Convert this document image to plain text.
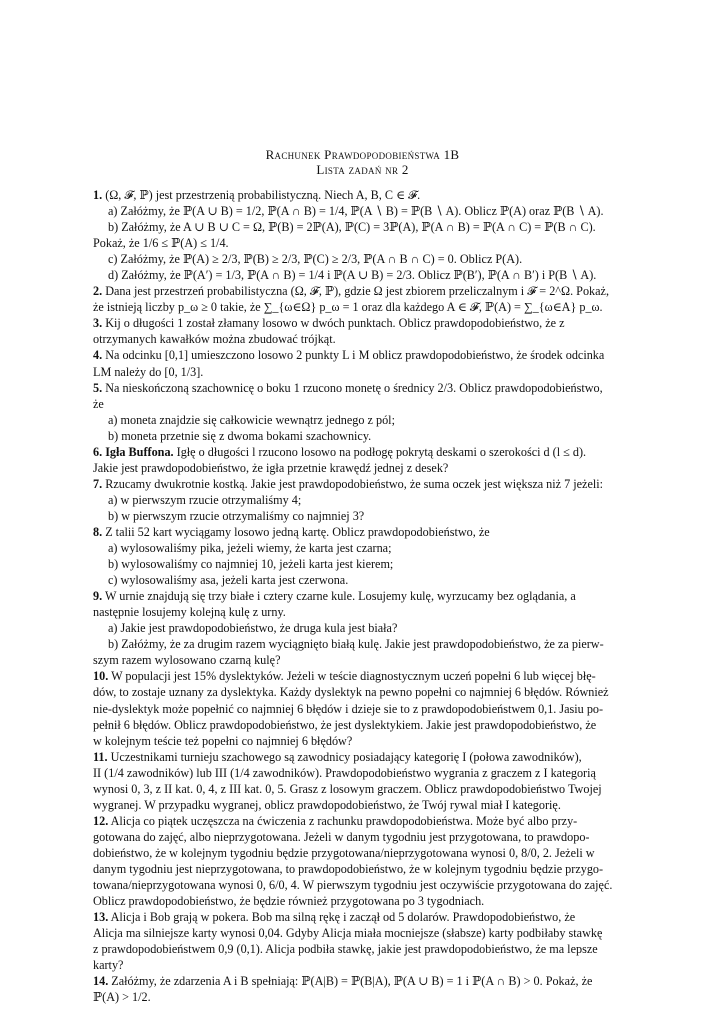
Rachunek Prawdopodobieństwa 1B
Lista zadań nr 2

1. (Ω, 𝓕, ℙ) jest przestrzenią probabilistyczną. Niech A, B, C ∈ 𝓕.

a) Załóżmy, że ℙ(A ∪ B) = 1/2, ℙ(A ∩ B) = 1/4, ℙ(A ∖ B) = ℙ(B ∖ A). Oblicz ℙ(A) oraz ℙ(B ∖ A).

b) Załóżmy, że A ∪ B ∪ C = Ω, ℙ(B) = 2ℙ(A), ℙ(C) = 3ℙ(A), ℙ(A ∩ B) = ℙ(A ∩ C) = ℙ(B ∩ C).

Pokaż, że 1/6 ≤ ℙ(A) ≤ 1/4.

c) Załóżmy, że ℙ(A) ≥ 2/3, ℙ(B) ≥ 2/3, ℙ(C) ≥ 2/3, ℙ(A ∩ B ∩ C) = 0. Oblicz P(A).

d) Załóżmy, że ℙ(A′) = 1/3, ℙ(A ∩ B) = 1/4 i ℙ(A ∪ B) = 2/3. Oblicz ℙ(B′), ℙ(A ∩ B′) i P(B ∖ A).

2. Dana jest przestrzeń probabilistyczna (Ω, 𝓕, ℙ), gdzie Ω jest zbiorem przeliczalnym i 𝓕 = 2^Ω. Pokaż,

że istnieją liczby p_ω ≥ 0 takie, że ∑_{ω∈Ω} p_ω = 1 oraz dla każdego A ∈ 𝓕, ℙ(A) = ∑_{ω∈A} p_ω.

3. Kij o długości 1 został złamany losowo w dwóch punktach. Oblicz prawdopodobieństwo, że z

otrzymanych kawałków można zbudować trójkąt.

4. Na odcinku [0,1] umieszczono losowo 2 punkty L i M oblicz prawdopodobieństwo, że środek odcinka

LM należy do [0, 1/3].

5. Na nieskończoną szachownicę o boku 1 rzucono monetę o średnicy 2/3. Oblicz prawdopodobieństwo,

że

a) moneta znajdzie się całkowicie wewnątrz jednego z pól;

b) moneta przetnie się z dwoma bokami szachownicy.

6. Igła Buffona. Igłę o długości l rzucono losowo na podłogę pokrytą deskami o szerokości d (l ≤ d).

Jakie jest prawdopodobieństwo, że igła przetnie krawędź jednej z desek?

7. Rzucamy dwukrotnie kostką. Jakie jest prawdopodobieństwo, że suma oczek jest większa niż 7 jeżeli:

a) w pierwszym rzucie otrzymaliśmy 4;

b) w pierwszym rzucie otrzymaliśmy co najmniej 3?

8. Z talii 52 kart wyciągamy losowo jedną kartę. Oblicz prawdopodobieństwo, że

a) wylosowaliśmy pika, jeżeli wiemy, że karta jest czarna;

b) wylosowaliśmy co najmniej 10, jeżeli karta jest kierem;

c) wylosowaliśmy asa, jeżeli karta jest czerwona.

9. W urnie znajdują się trzy białe i cztery czarne kule. Losujemy kulę, wyrzucamy bez oglądania, a

następnie losujemy kolejną kulę z urny.

a) Jakie jest prawdopodobieństwo, że druga kula jest biała?

b) Załóżmy, że za drugim razem wyciągnięto białą kulę. Jakie jest prawdopodobieństwo, że za pierw-

szym razem wylosowano czarną kulę?

10. W populacji jest 15% dyslektyków. Jeżeli w teście diagnostycznym uczeń popełni 6 lub więcej błę-

dów, to zostaje uznany za dyslektyka. Każdy dyslektyk na pewno popełni co najmniej 6 błędów. Również

nie-dyslektyk może popełnić co najmniej 6 błędów i dzieje sie to z prawdopodobieństwem 0,1. Jasiu po-

pełnił 6 błędów. Oblicz prawdopodobieństwo, że jest dyslektykiem. Jakie jest prawdopodobieństwo, że

w kolejnym teście też popełni co najmniej 6 błędów?

11. Uczestnikami turnieju szachowego są zawodnicy posiadający kategorię I (połowa zawodników),

II (1/4 zawodników) lub III (1/4 zawodników). Prawdopodobieństwo wygrania z graczem z I kategorią

wynosi 0, 3, z II kat. 0, 4, z III kat. 0, 5. Grasz z losowym graczem. Oblicz prawdopodobieństwo Twojej

wygranej. W przypadku wygranej, oblicz prawdopodobieństwo, że Twój rywal miał I kategorię.

12. Alicja co piątek uczęszcza na ćwiczenia z rachunku prawdopodobieństwa. Może być albo przy-

gotowana do zajęć, albo nieprzygotowana. Jeżeli w danym tygodniu jest przygotowana, to prawdopo-

dobieństwo, że w kolejnym tygodniu będzie przygotowana/nieprzygotowana wynosi 0, 8/0, 2. Jeżeli w

danym tygodniu jest nieprzygotowana, to prawdopodobieństwo, że w kolejnym tygodniu będzie przygo-

towana/nieprzygotowana wynosi 0, 6/0, 4. W pierwszym tygodniu jest oczywiście przygotowana do zajęć.

Oblicz prawdopodobieństwo, że będzie również przygotowana po 3 tygodniach.

13. Alicja i Bob grają w pokera. Bob ma silną rękę i zaczął od 5 dolarów. Prawdopodobieństwo, że

Alicja ma silniejsze karty wynosi 0,04. Gdyby Alicja miała mocniejsze (słabsze) karty podbiłaby stawkę

z prawdopodobieństwem 0,9 (0,1). Alicja podbiła stawkę, jakie jest prawdopodobieństwo, że ma lepsze

karty?

14. Załóżmy, że zdarzenia A i B spełniają: ℙ(A|B) = ℙ(B|A), ℙ(A ∪ B) = 1 i ℙ(A ∩ B) > 0. Pokaż, że

ℙ(A) > 1/2.
